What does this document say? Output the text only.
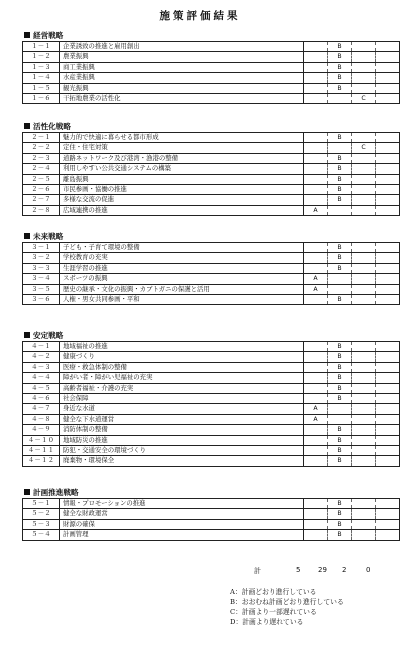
施策評価結果
経営戦略
１－１	企業誘致の推進と雇用創出		B		
１－２	農業振興		B		
１－３	商工業振興		B		
１－４	水産業振興		B		
１－５	観光振興		B		
１－６	干拓地農業の活性化			C	
活性化戦略
２－１	魅力的で快適に暮らせる都市形成		B		
２－２	定住・住宅対策			C	
２－３	道路ネットワーク及び港湾・漁港の整備		B		
２－４	利用しやすい公共交通システムの構築		B		
２－５	離島振興		B		
２－６	市民参画・協働の推進		B		
２－７	多様な交流の促進		B		
２－８	広域連携の推進	A			
未来戦略
３－１	子ども・子育て環境の整備		B		
３－２	学校教育の充実		B		
３－３	生涯学習の推進		B		
３－４	スポーツの振興	A			
３－５	歴史の継承・文化の振興・カブトガニの保護と活用	A			
３－６	人権・男女共同参画・平和		B		
安定戦略
４－１	地域福祉の推進		B		
４－２	健康づくり		B		
４－３	医療・救急体制の整備		B		
４－４	障がい者・障がい児福祉の充実		B		
４－５	高齢者福祉・介護の充実		B		
４－６	社会保障		B		
４－７	身近な水道	A			
４－８	健全な下水道運営	A			
４－９	消防体制の整備		B		
４－１０	地域防災の推進		B		
４－１１	防犯・交通安全の環境づくり		B		
４－１２	廃棄物・環境保全		B		
計画推進戦略
５－１	情報・プロモーションの推進		B		
５－２	健全な財政運営		B		
５－３	財源の確保		B		
５－４	計画管理		B		
計	5	29 2	0
A：計画どおり進行している
B：おおむね計画どおり進行している
C：計画より一部遅れている
D：計画より遅れている
